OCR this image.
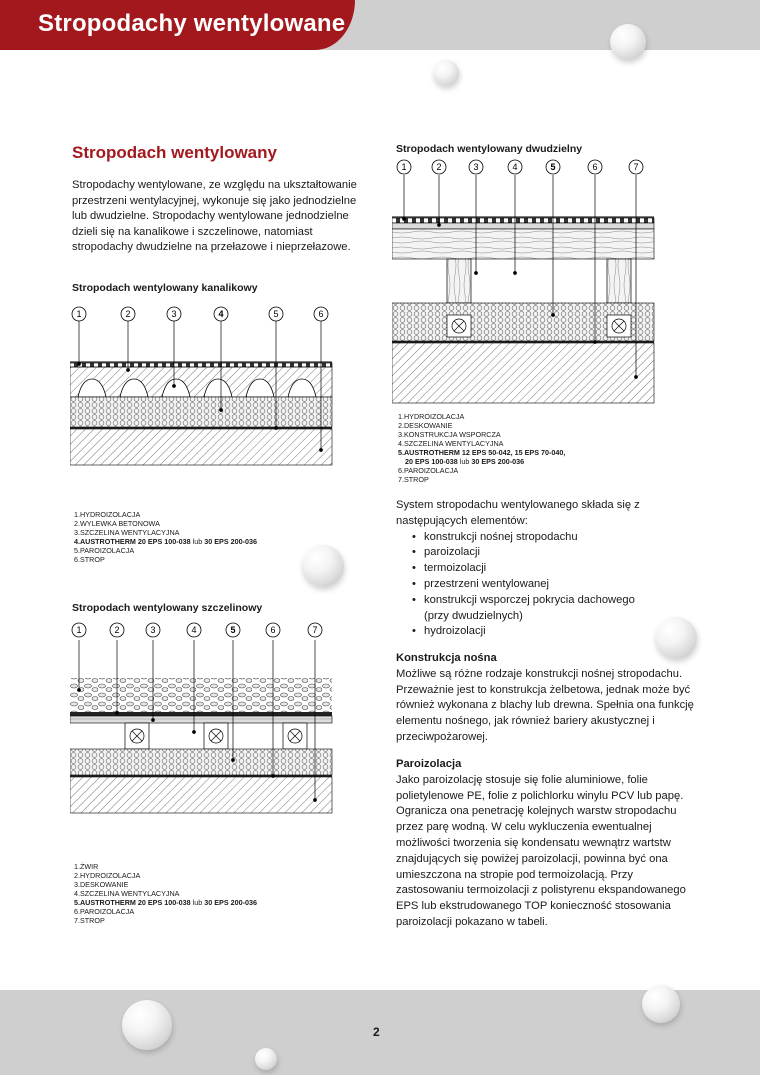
Stropodachy wentylowane
2
Stropodach wentylowany
Stropodachy wentylowane, ze względu na ukształtowanie przestrzeni wentylacyjnej, wykonuje się jako jednodzielne lub dwudzielne. Stropodachy wentylowane jednodzielne dzieli się na kanalikowe i szczelinowe, natomiast stropodachy dwudzielne na przełazowe i nieprzełazowe.
Stropodach wentylowany kanalikowy
1	2	3	4	5	6
1.HYDROIZOLACJA
2.WYLEWKA BETONOWA
3.SZCZELINA WENTYLACYJNA
4.AUSTROTHERM 20 EPS 100-038 lub 30 EPS 200-036
5.PAROIZOLACJA
6.STROP
Stropodach wentylowany szczelinowy
1	2	3	4	5	6	7
1.ŻWIR
2.HYDROIZOLACJA
3.DESKOWANIE
4.SZCZELINA WENTYLACYJNA
5.AUSTROTHERM 20 EPS 100-038 lub 30 EPS 200-036
6.PAROIZOLACJA
7.STROP
Stropodach wentylowany dwudzielny
1	2	3	4	5	6	7
1.HYDROIZOLACJA
2.DESKOWANIE
3.KONSTRUKCJA WSPORCZA
4.SZCZELINA WENTYLACYJNA
5.AUSTROTHERM 12 EPS 50-042, 15 EPS 70-040,
20 EPS 100-038 lub 30 EPS 200-036
6.PAROIZOLACJA
7.STROP
System stropodachu wentylowanego składa się z następujących elementów:
• konstrukcji nośnej stropodachu
• paroizolacji
• termoizolacji
• przestrzeni wentylowanej
• konstrukcji wsporczej pokrycia dachowego (przy dwudzielnych)
• hydroizolacji
Konstrukcja nośna
Możliwe są różne rodzaje konstrukcji nośnej stropodachu. Przeważnie jest to konstrukcja żelbetowa, jednak może być również wykonana z blachy lub drewna. Spełnia ona funkcję elementu nośnego, jak również bariery akustycznej i przeciwpożarowej.
Paroizolacja
Jako paroizolację stosuje się folie aluminiowe, folie polietylenowe PE, folie z polichlorku winylu PCV lub papę. Ogranicza ona penetrację kolejnych warstw stropodachu przez parę wodną. W celu wykluczenia ewentualnej możliwości tworzenia się kondensatu wewnątrz wartstw znajdujących się powiżej paroizolacji, powinna być ona umieszczona na stropie pod termoizolacją. Przy zastosowaniu termoizolacji z polistyrenu ekspandowanego EPS lub ekstrudowanego TOP konieczność stosowania paroizolacji pokazano w tabeli.
